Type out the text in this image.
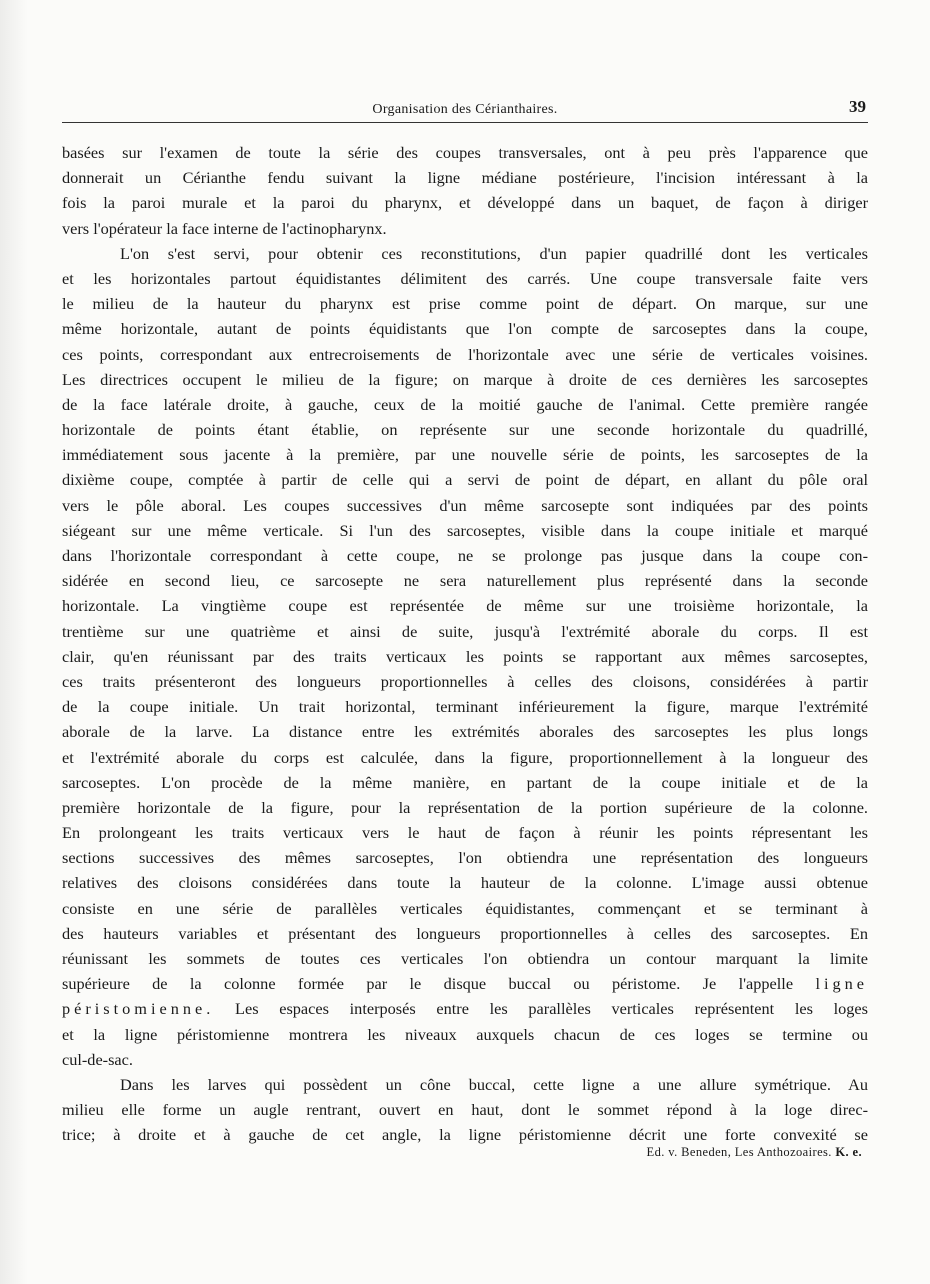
Organisation des Cérianthaires.	39
basées sur l'examen de toute la série des coupes transversales, ont à peu près l'apparence que
donnerait un Cérianthe fendu suivant la ligne médiane postérieure, l'incision intéressant à la
fois la paroi murale et la paroi du pharynx, et développé dans un baquet, de façon à diriger
vers l'opérateur la face interne de l'actinopharynx.
L'on s'est servi, pour obtenir ces reconstitutions, d'un papier quadrillé dont les verticales
et les horizontales partout équidistantes délimitent des carrés. Une coupe transversale faite vers
le milieu de la hauteur du pharynx est prise comme point de départ. On marque, sur une
même horizontale, autant de points équidistants que l'on compte de sarcoseptes dans la coupe,
ces points, correspondant aux entrecroisements de l'horizontale avec une série de verticales voisines.
Les directrices occupent le milieu de la figure; on marque à droite de ces dernières les sarcoseptes
de la face latérale droite, à gauche, ceux de la moitié gauche de l'animal. Cette première rangée
horizontale de points étant établie, on représente sur une seconde horizontale du quadrillé,
immédiatement sous jacente à la première, par une nouvelle série de points, les sarcoseptes de la
dixième coupe, comptée à partir de celle qui a servi de point de départ, en allant du pôle oral
vers le pôle aboral. Les coupes successives d'un même sarcosepte sont indiquées par des points
siégeant sur une même verticale. Si l'un des sarcoseptes, visible dans la coupe initiale et marqué
dans l'horizontale correspondant à cette coupe, ne se prolonge pas jusque dans la coupe con-
sidérée en second lieu, ce sarcosepte ne sera naturellement plus représenté dans la seconde
horizontale. La vingtième coupe est représentée de même sur une troisième horizontale, la
trentième sur une quatrième et ainsi de suite, jusqu'à l'extrémité aborale du corps. Il est
clair, qu'en réunissant par des traits verticaux les points se rapportant aux mêmes sarcoseptes,
ces traits présenteront des longueurs proportionnelles à celles des cloisons, considérées à partir
de la coupe initiale. Un trait horizontal, terminant inférieurement la figure, marque l'extrémité
aborale de la larve. La distance entre les extrémités aborales des sarcoseptes les plus longs
et l'extrémité aborale du corps est calculée, dans la figure, proportionnellement à la longueur des
sarcoseptes. L'on procède de la même manière, en partant de la coupe initiale et de la
première horizontale de la figure, pour la représentation de la portion supérieure de la colonne.
En prolongeant les traits verticaux vers le haut de façon à réunir les points répresentant les
sections successives des mêmes sarcoseptes, l'on obtiendra une représentation des longueurs
relatives des cloisons considérées dans toute la hauteur de la colonne. L'image aussi obtenue
consiste en une série de parallèles verticales équidistantes, commençant et se terminant à
des hauteurs variables et présentant des longueurs proportionnelles à celles des sarcoseptes. En
réunissant les sommets de toutes ces verticales l'on obtiendra un contour marquant la limite
supérieure de la colonne formée par le disque buccal ou péristome. Je l'appelle ligne
péristomienne. Les espaces interposés entre les parallèles verticales représentent les loges
et la ligne péristomienne montrera les niveaux auxquels chacun de ces loges se termine ou
cul-de-sac.
Dans les larves qui possèdent un cône buccal, cette ligne a une allure symétrique. Au
milieu elle forme un augle rentrant, ouvert en haut, dont le sommet répond à la loge direc-
trice; à droite et à gauche de cet angle, la ligne péristomienne décrit une forte convexité se
Ed. v. Beneden, Les Anthozoaires. K. e.
